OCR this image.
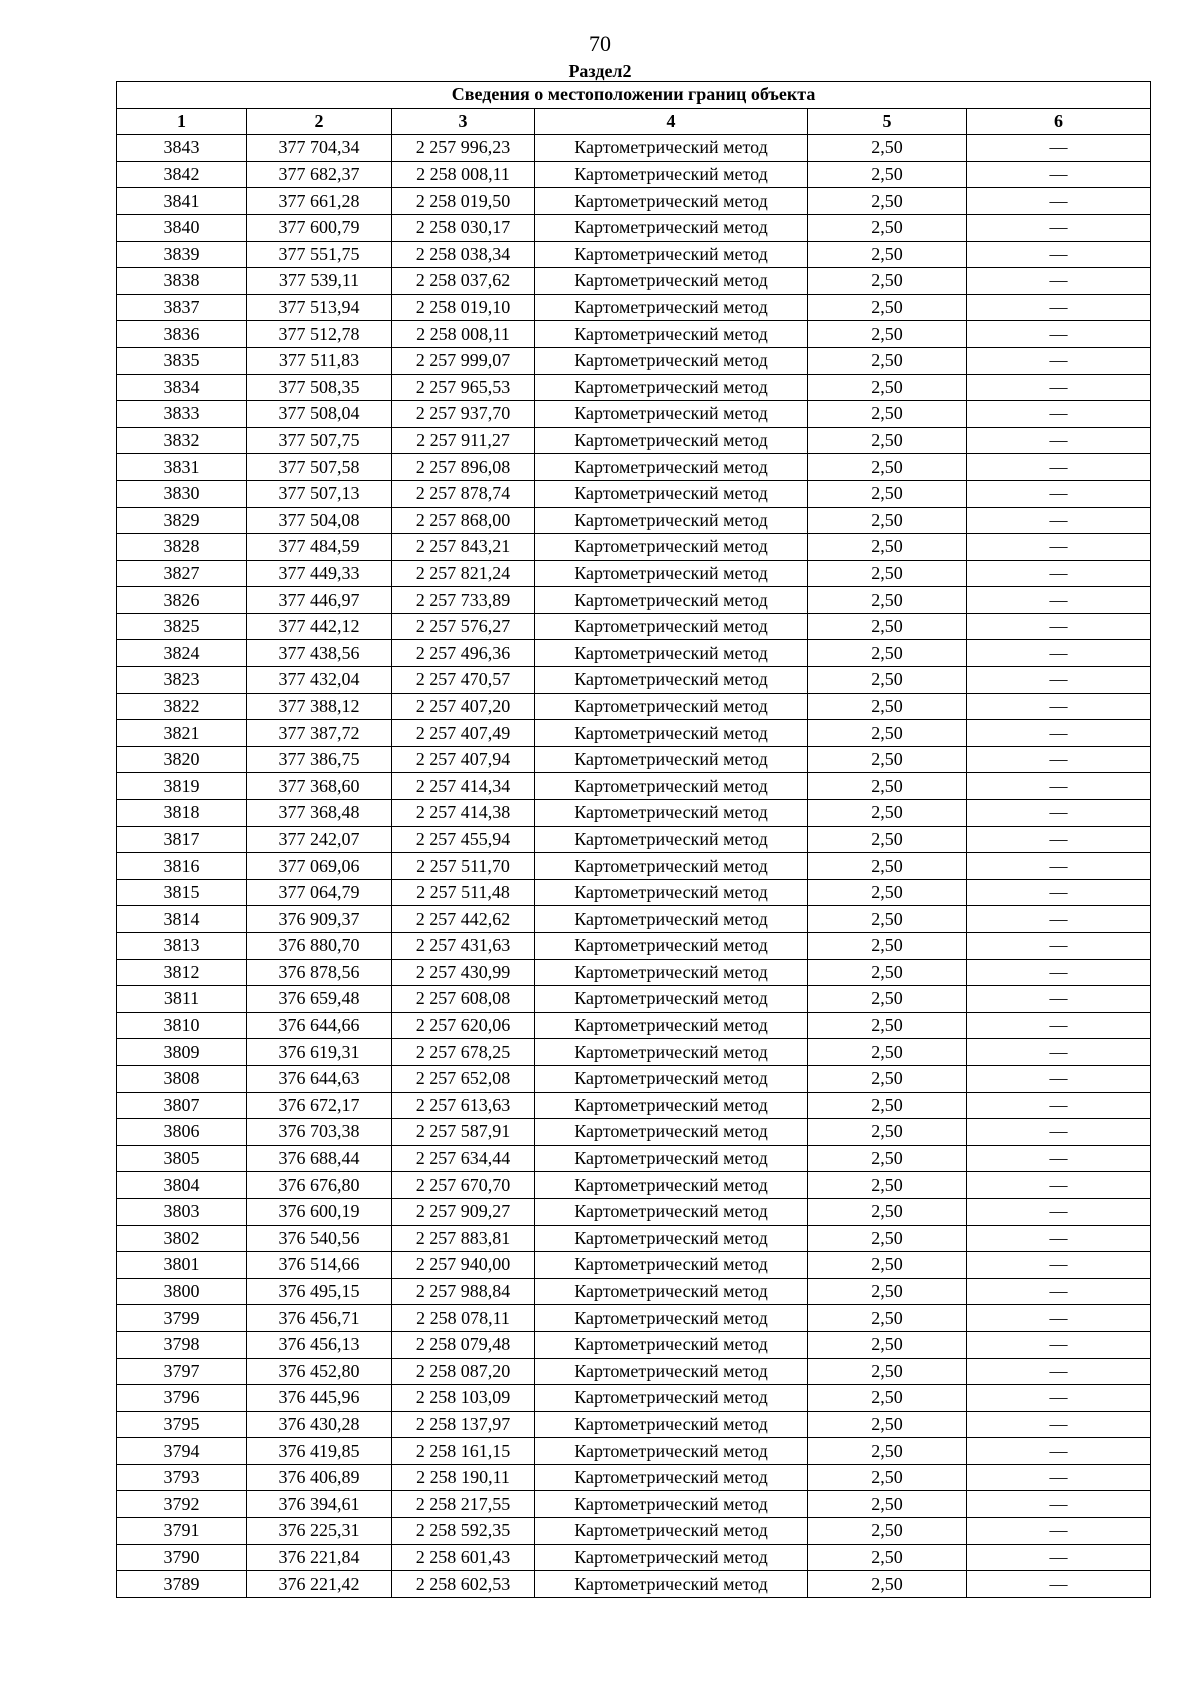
70
Раздел2
Сведения о местоположении границ объекта					
1	2	3	4	5	6
3843	377 704,34	2 257 996,23	Картометрический метод	2,50	—
3842	377 682,37	2 258 008,11	Картометрический метод	2,50	—
3841	377 661,28	2 258 019,50	Картометрический метод	2,50	—
3840	377 600,79	2 258 030,17	Картометрический метод	2,50	—
3839	377 551,75	2 258 038,34	Картометрический метод	2,50	—
3838	377 539,11	2 258 037,62	Картометрический метод	2,50	—
3837	377 513,94	2 258 019,10	Картометрический метод	2,50	—
3836	377 512,78	2 258 008,11	Картометрический метод	2,50	—
3835	377 511,83	2 257 999,07	Картометрический метод	2,50	—
3834	377 508,35	2 257 965,53	Картометрический метод	2,50	—
3833	377 508,04	2 257 937,70	Картометрический метод	2,50	—
3832	377 507,75	2 257 911,27	Картометрический метод	2,50	—
3831	377 507,58	2 257 896,08	Картометрический метод	2,50	—
3830	377 507,13	2 257 878,74	Картометрический метод	2,50	—
3829	377 504,08	2 257 868,00	Картометрический метод	2,50	—
3828	377 484,59	2 257 843,21	Картометрический метод	2,50	—
3827	377 449,33	2 257 821,24	Картометрический метод	2,50	—
3826	377 446,97	2 257 733,89	Картометрический метод	2,50	—
3825	377 442,12	2 257 576,27	Картометрический метод	2,50	—
3824	377 438,56	2 257 496,36	Картометрический метод	2,50	—
3823	377 432,04	2 257 470,57	Картометрический метод	2,50	—
3822	377 388,12	2 257 407,20	Картометрический метод	2,50	—
3821	377 387,72	2 257 407,49	Картометрический метод	2,50	—
3820	377 386,75	2 257 407,94	Картометрический метод	2,50	—
3819	377 368,60	2 257 414,34	Картометрический метод	2,50	—
3818	377 368,48	2 257 414,38	Картометрический метод	2,50	—
3817	377 242,07	2 257 455,94	Картометрический метод	2,50	—
3816	377 069,06	2 257 511,70	Картометрический метод	2,50	—
3815	377 064,79	2 257 511,48	Картометрический метод	2,50	—
3814	376 909,37	2 257 442,62	Картометрический метод	2,50	—
3813	376 880,70	2 257 431,63	Картометрический метод	2,50	—
3812	376 878,56	2 257 430,99	Картометрический метод	2,50	—
3811	376 659,48	2 257 608,08	Картометрический метод	2,50	—
3810	376 644,66	2 257 620,06	Картометрический метод	2,50	—
3809	376 619,31	2 257 678,25	Картометрический метод	2,50	—
3808	376 644,63	2 257 652,08	Картометрический метод	2,50	—
3807	376 672,17	2 257 613,63	Картометрический метод	2,50	—
3806	376 703,38	2 257 587,91	Картометрический метод	2,50	—
3805	376 688,44	2 257 634,44	Картометрический метод	2,50	—
3804	376 676,80	2 257 670,70	Картометрический метод	2,50	—
3803	376 600,19	2 257 909,27	Картометрический метод	2,50	—
3802	376 540,56	2 257 883,81	Картометрический метод	2,50	—
3801	376 514,66	2 257 940,00	Картометрический метод	2,50	—
3800	376 495,15	2 257 988,84	Картометрический метод	2,50	—
3799	376 456,71	2 258 078,11	Картометрический метод	2,50	—
3798	376 456,13	2 258 079,48	Картометрический метод	2,50	—
3797	376 452,80	2 258 087,20	Картометрический метод	2,50	—
3796	376 445,96	2 258 103,09	Картометрический метод	2,50	—
3795	376 430,28	2 258 137,97	Картометрический метод	2,50	—
3794	376 419,85	2 258 161,15	Картометрический метод	2,50	—
3793	376 406,89	2 258 190,11	Картометрический метод	2,50	—
3792	376 394,61	2 258 217,55	Картометрический метод	2,50	—
3791	376 225,31	2 258 592,35	Картометрический метод	2,50	—
3790	376 221,84	2 258 601,43	Картометрический метод	2,50	—
3789	376 221,42	2 258 602,53	Картометрический метод	2,50	—
